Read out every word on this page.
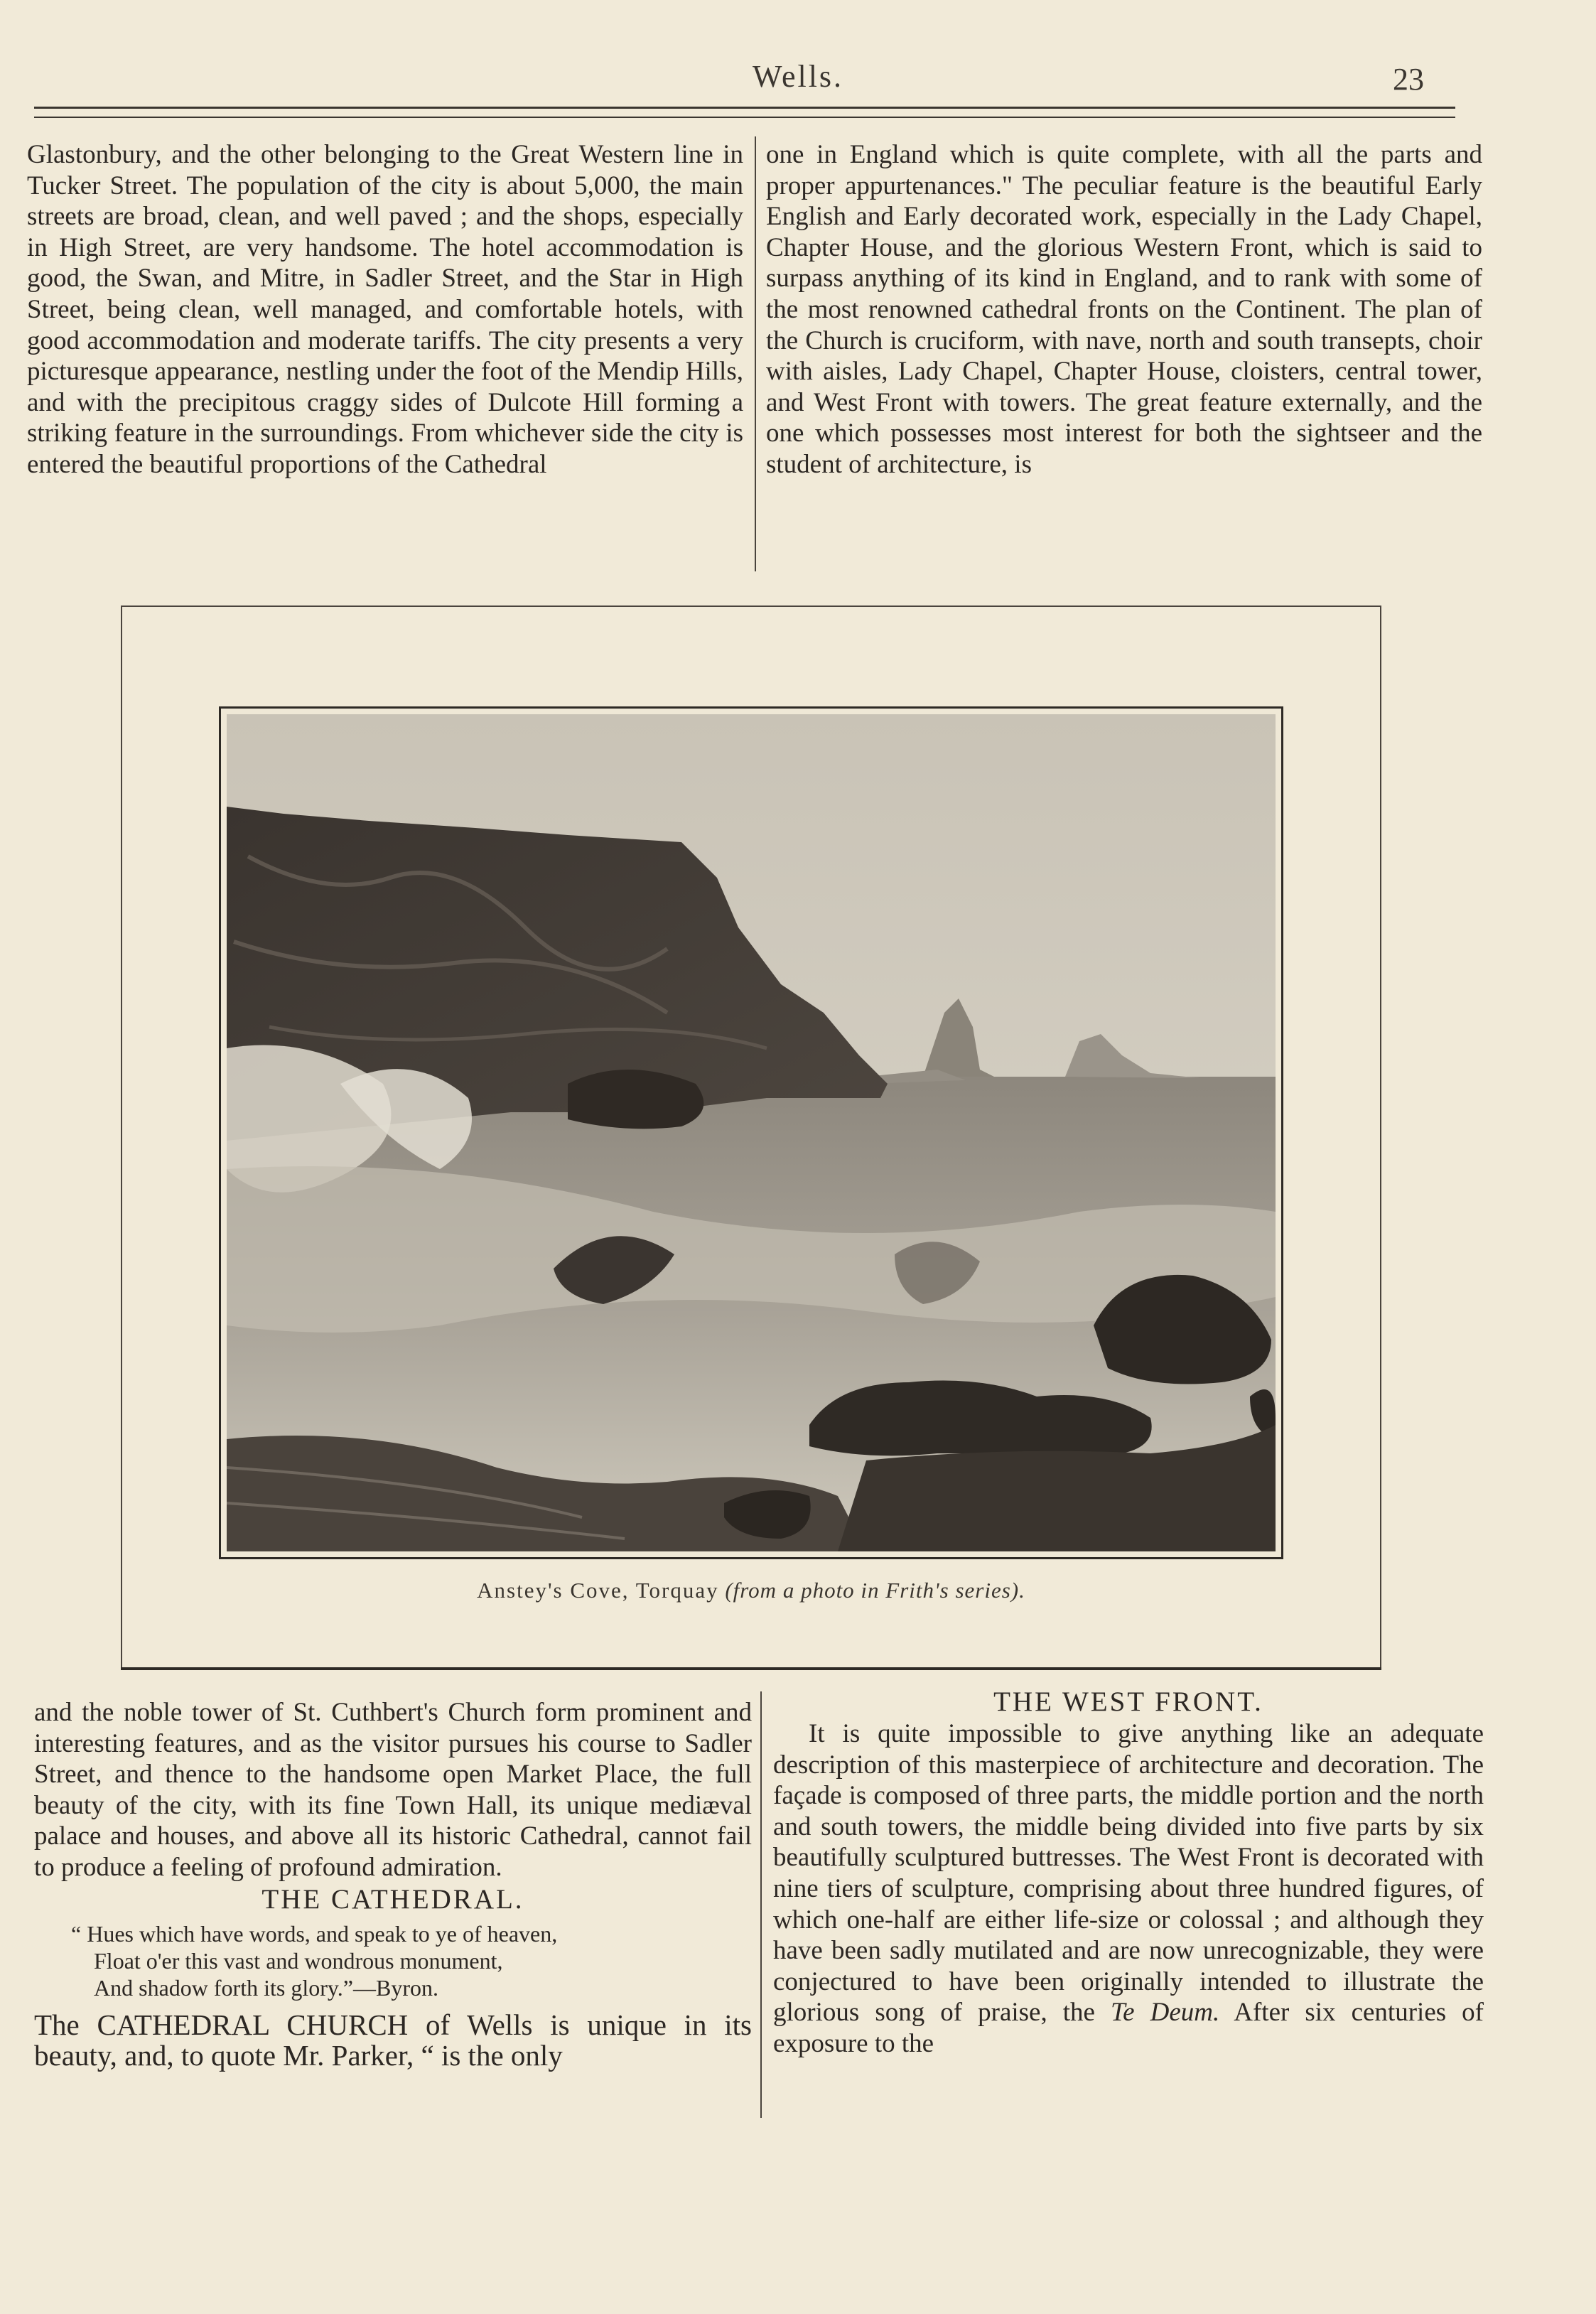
Wells.	23

Glastonbury, and the other belonging to the Great Western line in Tucker Street. The population of the city is about 5,000, the main streets are broad, clean, and well paved ; and the shops, especially in High Street, are very handsome. The hotel accommodation is good, the Swan, and Mitre, in Sadler Street, and the Star in High Street, being clean, well managed, and comfortable hotels, with good accommodation and moderate tariffs. The city presents a very picturesque appearance, nestling under the foot of the Mendip Hills, and with the precipitous craggy sides of Dulcote Hill forming a striking feature in the surroundings. From whichever side the city is entered the beautiful proportions of the Cathedral

one in England which is quite complete, with all the parts and proper appurtenances." The peculiar feature is the beautiful Early English and Early decorated work, especially in the Lady Chapel, Chapter House, and the glorious Western Front, which is said to surpass anything of its kind in England, and to rank with some of the most renowned cathedral fronts on the Continent. The plan of the Church is cruciform, with nave, north and south transepts, choir with aisles, Lady Chapel, Chapter House, cloisters, central tower, and West Front with towers. The great feature externally, and the one which possesses most interest for both the sightseer and the student of architecture, is

Anstey's Cove, Torquay (from a photo in Frith's series).

and the noble tower of St. Cuthbert's Church form prominent and interesting features, and as the visitor pursues his course to Sadler Street, and thence to the handsome open Market Place, the full beauty of the city, with its fine Town Hall, its unique mediæval palace and houses, and above all its historic Cathedral, cannot fail to produce a feeling of profound admiration.

THE CATHEDRAL.

“ Hues which have words, and speak to ye of heaven,
Float o'er this vast and wondrous monument,
And shadow forth its glory.”—Byron.

The CATHEDRAL CHURCH of Wells is unique in its beauty, and, to quote Mr. Parker, “ is the only

THE WEST FRONT.

It is quite impossible to give anything like an adequate description of this masterpiece of architecture and decoration. The façade is composed of three parts, the middle portion and the north and south towers, the middle being divided into five parts by six beautifully sculptured buttresses. The West Front is decorated with nine tiers of sculpture, comprising about three hundred figures, of which one-half are either life-size or colossal ; and although they have been sadly mutilated and are now unrecognizable, they were conjectured to have been originally intended to illustrate the glorious song of praise, the Te Deum. After six centuries of exposure to the
